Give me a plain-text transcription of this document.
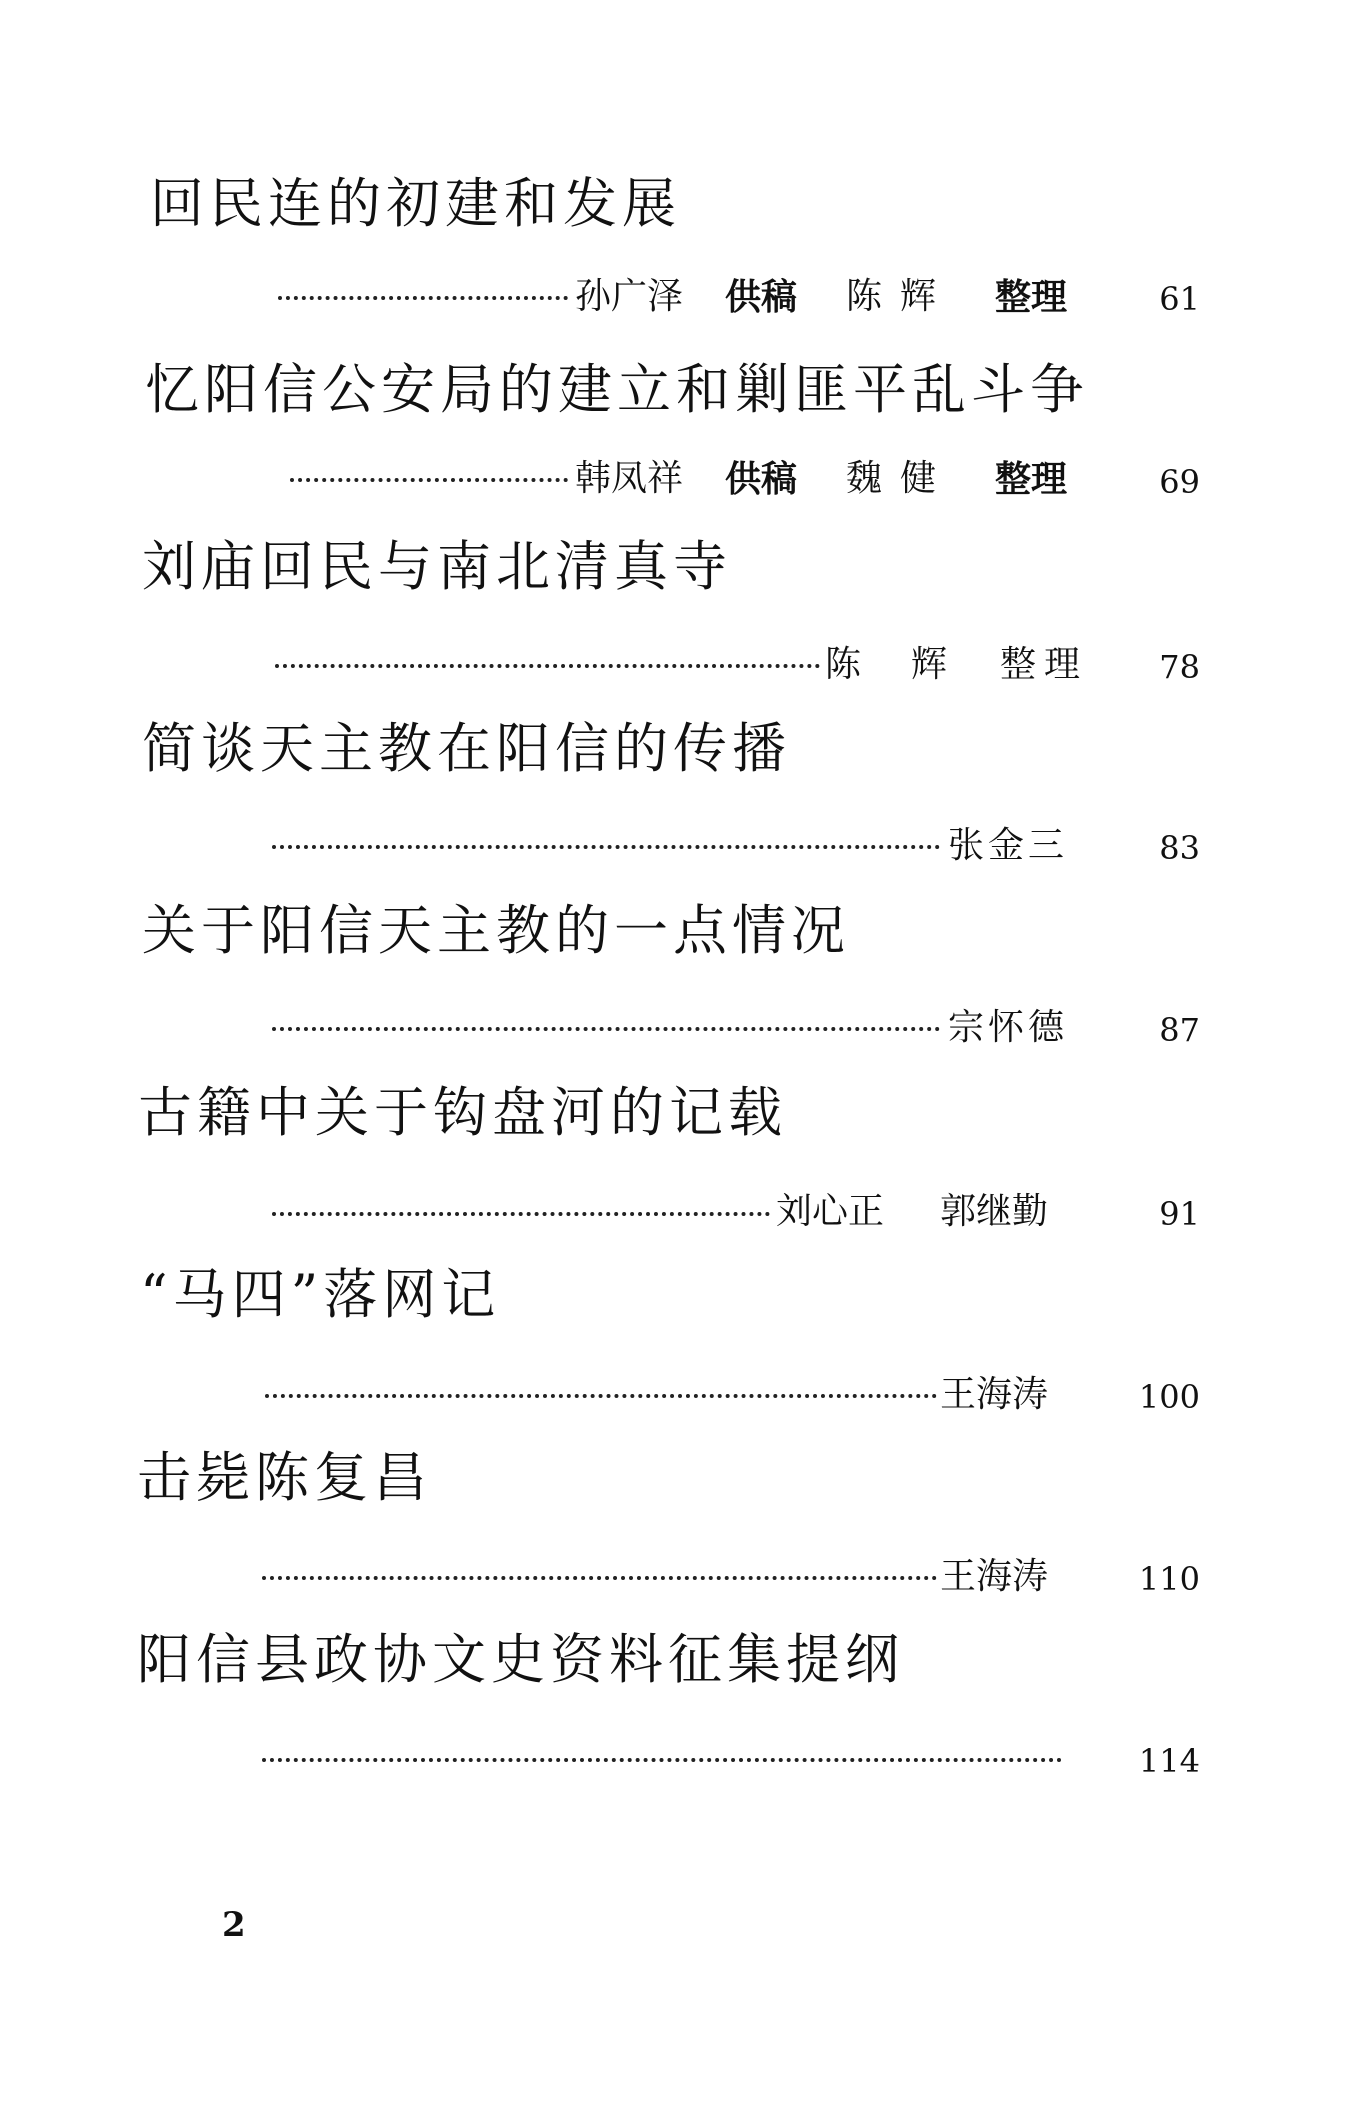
回民连的初建和发展
孙广泽 供稿 陈辉 整理	61
忆阳信公安局的建立和剿匪平乱斗争
韩凤祥 供稿 魏健 整理	69
刘庙回民与南北清真寺
陈辉 整理	78
简谈天主教在阳信的传播
张金三	83
关于阳信天主教的一点情况
宗怀德	87
古籍中关于钩盘河的记载
刘心正 郭继勤	91
“马四”落网记
王海涛	100
击毙陈复昌
王海涛	110
阳信县政协文史资料征集提纲
114
2
